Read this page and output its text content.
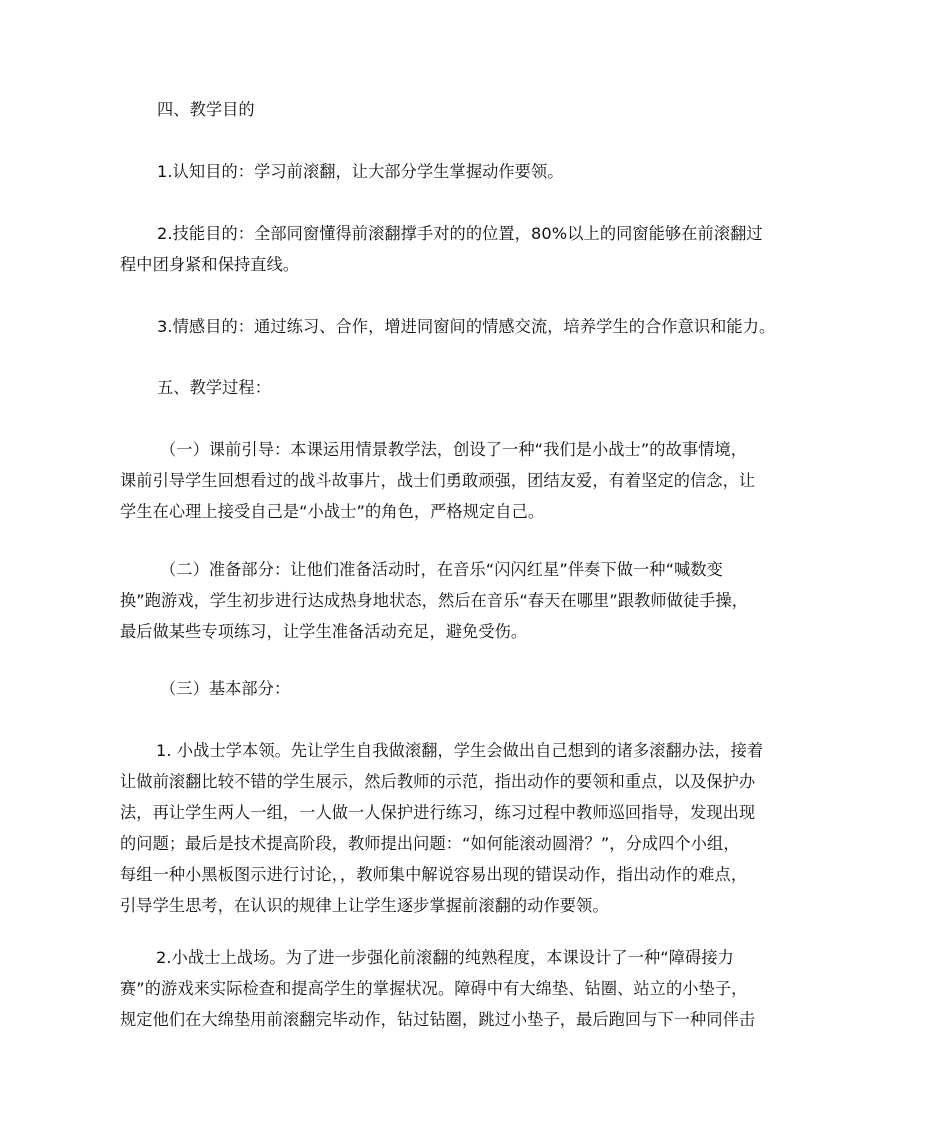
四、教学目的
1.认知目的：学习前滚翻，让大部分学生掌握动作要领。
2.技能目的：全部同窗懂得前滚翻撑手对的的位置，80%以上的同窗能够在前滚翻过
程中团身紧和保持直线。
3.情感目的：通过练习、合作，增进同窗间的情感交流，培养学生的合作意识和能力。
五、教学过程：
（一）课前引导：本课运用情景教学法，创设了一种“我们是小战士”的故事情境，
课前引导学生回想看过的战斗故事片，战士们勇敢顽强，团结友爱，有着坚定的信念，让
学生在心理上接受自己是“小战士”的角色，严格规定自己。
（二）准备部分：让他们准备活动时，在音乐“闪闪红星”伴奏下做一种“喊数变
换”跑游戏，学生初步进行达成热身地状态，然后在音乐“春天在哪里”跟教师做徒手操，
最后做某些专项练习，让学生准备活动充足，避免受伤。
（三）基本部分：
1. 小战士学本领。先让学生自我做滚翻，学生会做出自己想到的诸多滚翻办法，接着
让做前滚翻比较不错的学生展示，然后教师的示范，指出动作的要领和重点，以及保护办
法，再让学生两人一组，一人做一人保护进行练习，练习过程中教师巡回指导，发现出现
的问题；最后是技术提高阶段，教师提出问题：“如何能滚动圆滑？”，分成四个小组，
每组一种小黑板图示进行讨论，，教师集中解说容易出现的错误动作，指出动作的难点，
引导学生思考，在认识的规律上让学生逐步掌握前滚翻的动作要领。
2.小战士上战场。为了进一步强化前滚翻的纯熟程度，本课设计了一种“障碍接力
赛”的游戏来实际检查和提高学生的掌握状况。障碍中有大绵垫、钻圈、站立的小垫子，
规定他们在大绵垫用前滚翻完毕动作，钻过钻圈，跳过小垫子，最后跑回与下一种同伴击
